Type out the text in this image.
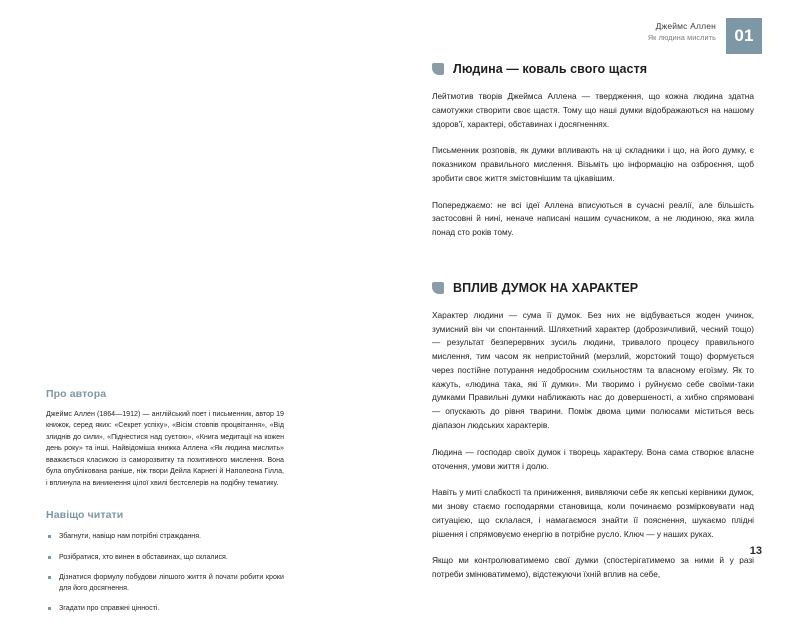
Джеймс Аллен
Як людина мислить	01
Про автора

Джеймс Аллен (1864—1912) — англійський поет і письменник, автор 19 книжок, серед яких: «Секрет успіху», «Вісім стовпів процвітання», «Від злиднів до сили», «Піднестися над суєтою», «Книга медитації на кожен день року» та інші. Найвідоміша книжка Аллена «Як людина мислить» вважається класикою із саморозвитку та позитивного мислення. Вона була опублікована раніше, ніж твори Дейла Карнегі й Наполеона Гілла, і вплинула на виникнення цілої хвилі бестселерів на подібну тематику.

Навіщо читати
Збагнути, навіщо нам потрібні страждання.
Розібратися, хто винен в обставинах, що склалися.
Дізнатися формулу побудови ліпшого життя й почати робити кроки для його досягнення.
Згадати про справжні цінності.
Людина — коваль свого щастя

Лейтмотив творів Джеймса Аллена — твердження, що кожна людина здатна самотужки створити своє щастя. Тому що наші думки відображаються на нашому здоров'ї, характері, обставинах і досягненнях.

Письменник розповів, як думки впливають на ці складники і що, на його думку, є показником правильного мислення. Візьміть цю інформацію на озброєння, щоб зробити своє життя змістовнішим та цікавішим.

Попереджаємо: не всі ідеї Аллена вписуються в сучасні реалії, але більшість застосовні й нині, неначе написані нашим сучасником, а не людиною, яка жила понад сто років тому.

ВПЛИВ ДУМОК НА ХАРАКТЕР

Характер людини — сума її думок. Без них не відбувається жоден учинок, зумисний він чи спонтанний. Шляхетний характер (доброзичливий, чесний тощо) — результат безперервних зусиль людини, тривалого процесу правильного мислення, тим часом як непристойний (мерзлий, жорстокий тощо) формується через постійне потурання недобросним схильностям та власному егоїзму. Як то кажуть, «людина така, які її думки». Ми творимо і руйнуємо себе своїми-таки думками Правильні думки наближають нас до довершеності, а хибно спрямовані — опускають до рівня тварини. Поміж двома цими полюсами міститься весь діапазон людських характерів.

Людина — господар своїх думок і творець характеру. Вона сама створює власне оточення, умови життя і долю.

Навіть у миті слабкості та приниження, виявляючи себе як кепські керівники думок, ми знову стаємо господарями становища, коли починаємо розмірковувати над ситуацією, що склалася, і намагаємося знайти її пояснення, шукаємо плідні рішення і спрямовуємо енергію в потрібне русло. Ключ — у наших руках.

Якщо ми контролюватимемо свої думки (спостерігатимемо за ними й у разі потреби змінюватимемо), відстежуючи їхній вплив на себе,

13
